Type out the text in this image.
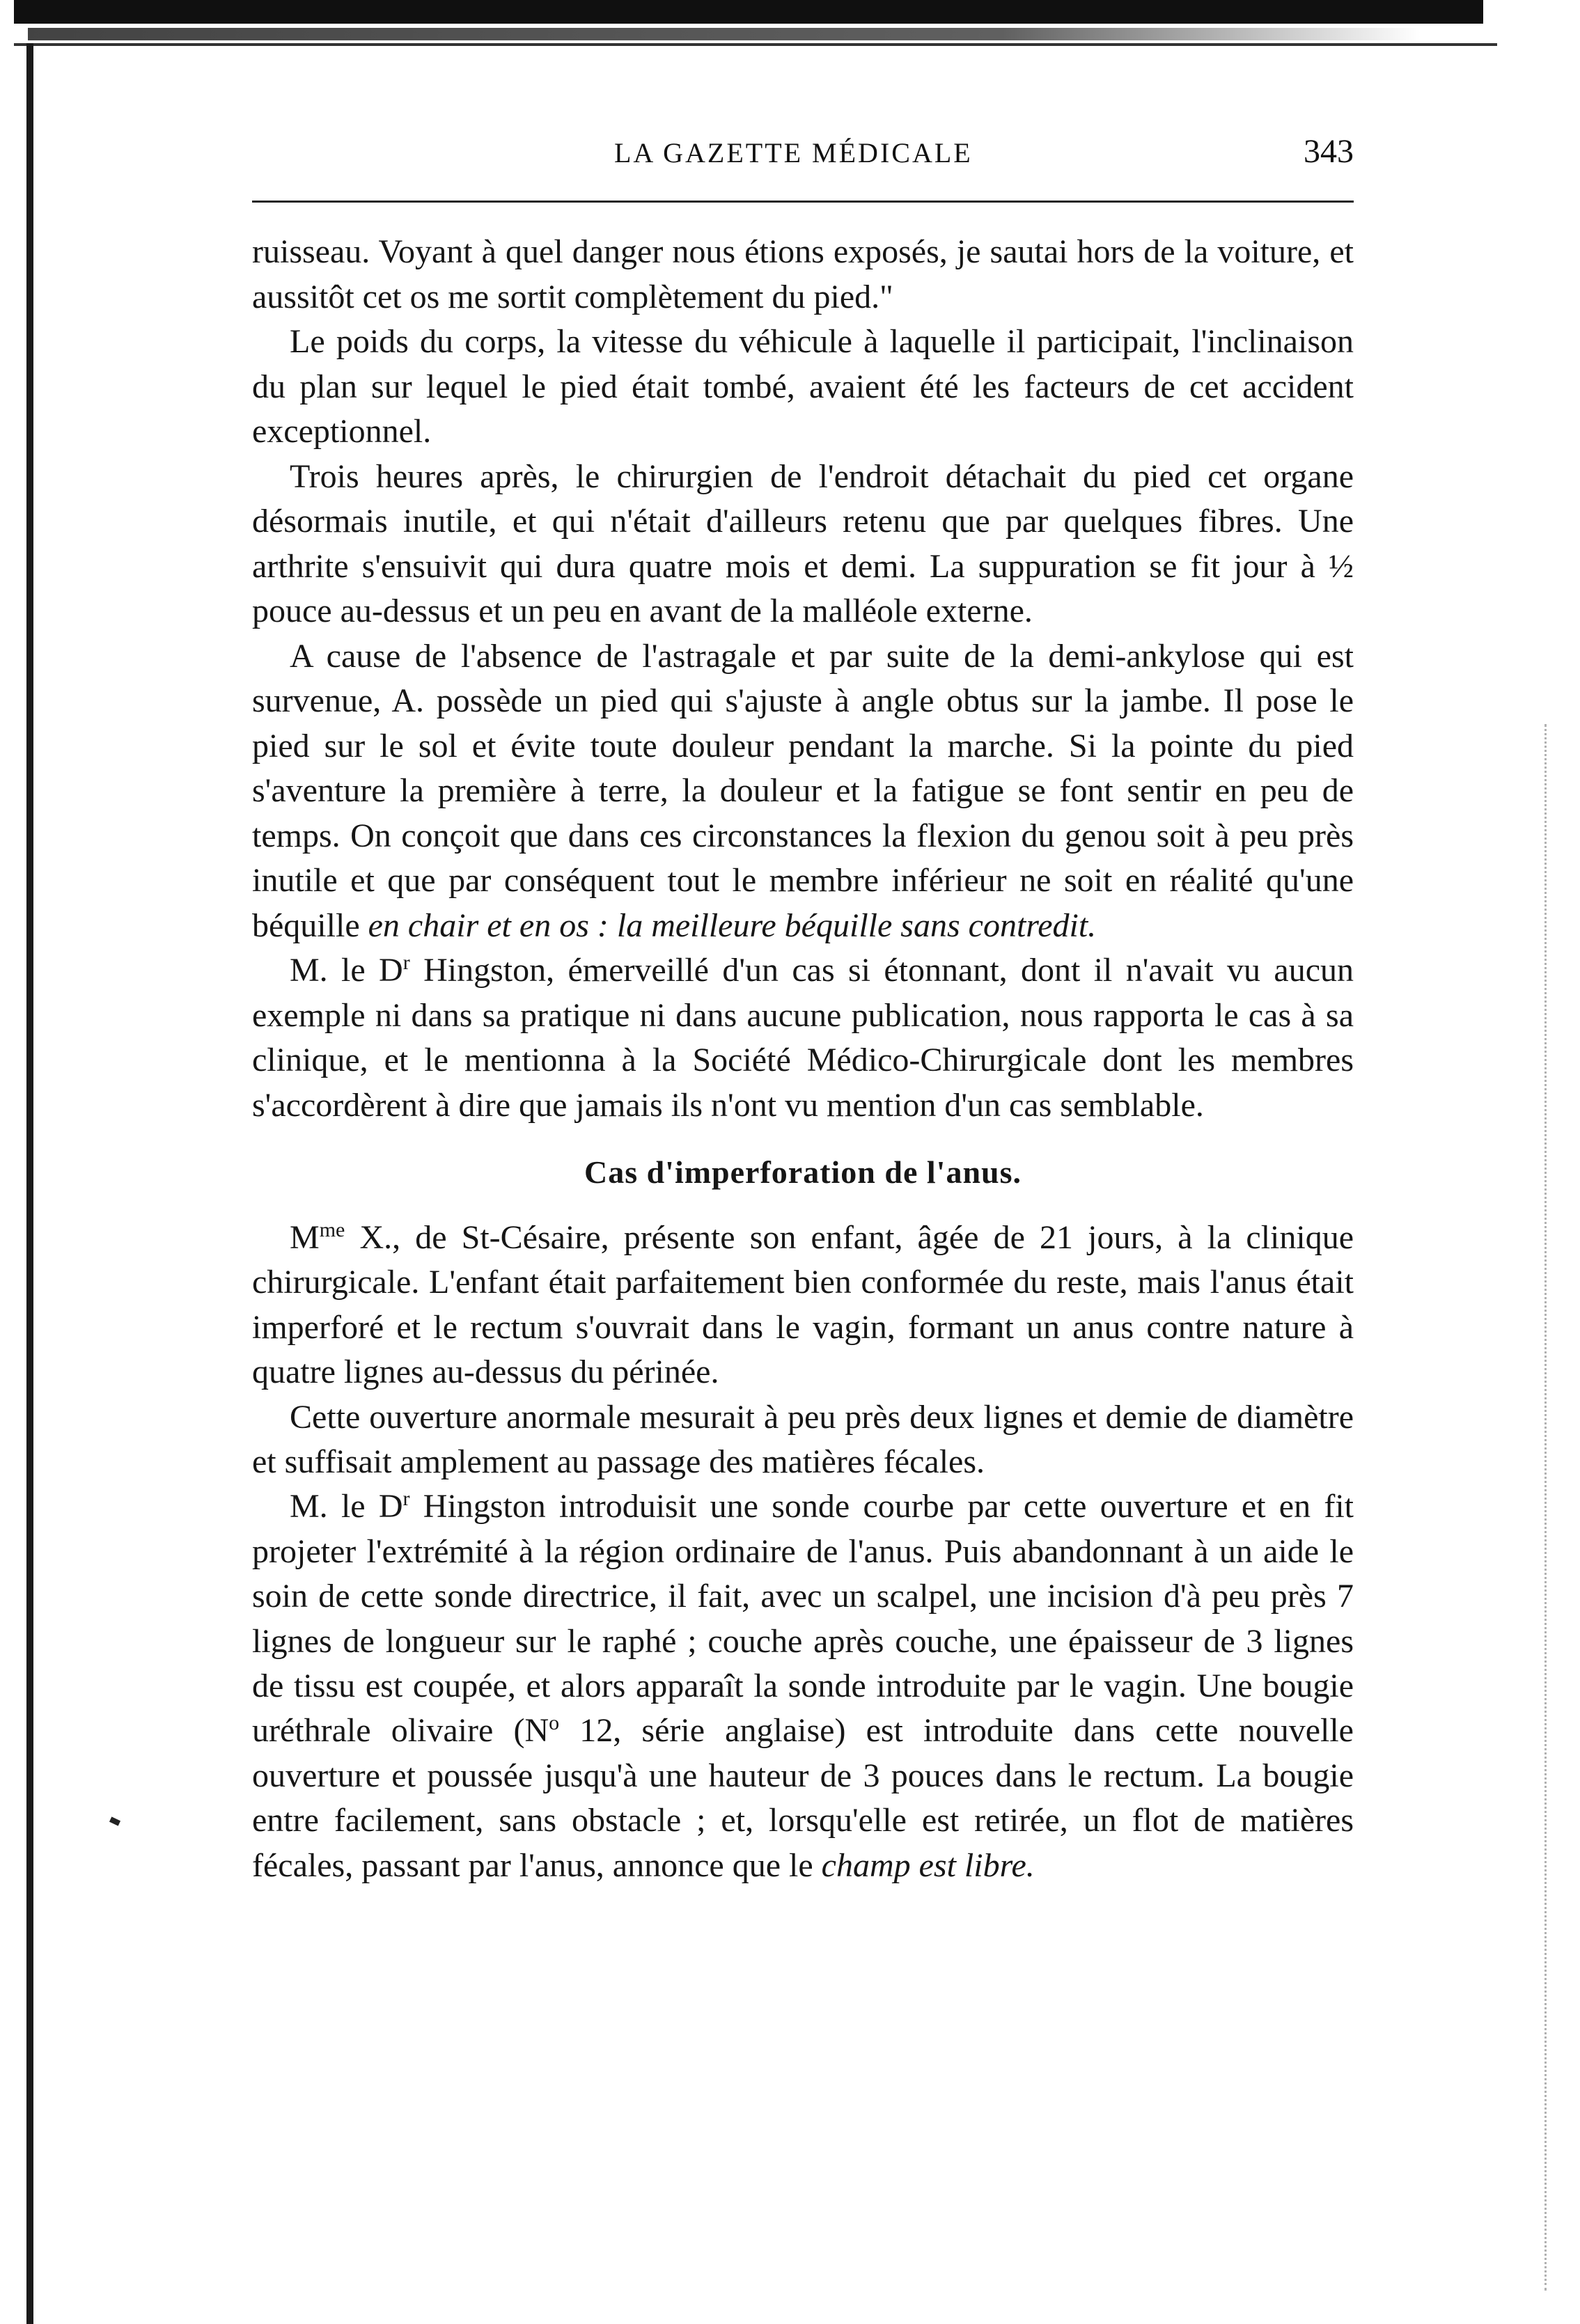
LA GAZETTE MÉDICALE	343

ruisseau. Voyant à quel danger nous étions exposés, je sautai hors de la voiture, et aussitôt cet os me sortit complètement du pied."

Le poids du corps, la vitesse du véhicule à laquelle il participait, l'inclinaison du plan sur lequel le pied était tombé, avaient été les facteurs de cet accident exceptionnel.

Trois heures après, le chirurgien de l'endroit détachait du pied cet organe désormais inutile, et qui n'était d'ailleurs retenu que par quelques fibres. Une arthrite s'ensuivit qui dura quatre mois et demi. La suppuration se fit jour à ½ pouce au-dessus et un peu en avant de la malléole externe.

A cause de l'absence de l'astragale et par suite de la demi-ankylose qui est survenue, A. possède un pied qui s'ajuste à angle obtus sur la jambe. Il pose le pied sur le sol et évite toute douleur pendant la marche. Si la pointe du pied s'aventure la première à terre, la douleur et la fatigue se font sentir en peu de temps. On conçoit que dans ces circonstances la flexion du genou soit à peu près inutile et que par conséquent tout le membre inférieur ne soit en réalité qu'une béquille en chair et en os : la meilleure béquille sans contredit.

M. le $D^r$ Hingston, émerveillé d'un cas si étonnant, dont il n'avait vu aucun exemple ni dans sa pratique ni dans aucune publication, nous rapporta le cas à sa clinique, et le mentionna à la Société Médico-Chirurgicale dont les membres s'accordèrent à dire que jamais ils n'ont vu mention d'un cas semblable.

Cas d'imperforation de l'anus.

$M^{me}$ X., de St-Césaire, présente son enfant, âgée de 21 jours, à la clinique chirurgicale. L'enfant était parfaitement bien conformée du reste, mais l'anus était imperforé et le rectum s'ouvrait dans le vagin, formant un anus contre nature à quatre lignes au-dessus du périnée.

Cette ouverture anormale mesurait à peu près deux lignes et demie de diamètre et suffisait amplement au passage des matières fécales.

M. le $D^r$ Hingston introduisit une sonde courbe par cette ouverture et en fit projeter l'extrémité à la région ordinaire de l'anus. Puis abandonnant à un aide le soin de cette sonde directrice, il fait, avec un scalpel, une incision d'à peu près 7 lignes de longueur sur le raphé ; couche après couche, une épaisseur de 3 lignes de tissu est coupée, et alors apparaît la sonde introduite par le vagin. Une bougie uréthrale olivaire ($N^o$ 12, série anglaise) est introduite dans cette nouvelle ouverture et poussée jusqu'à une hauteur de 3 pouces dans le rectum. La bougie entre facilement, sans obstacle ; et, lorsqu'elle est retirée, un flot de matières fécales, passant par l'anus, annonce que le champ est libre.
